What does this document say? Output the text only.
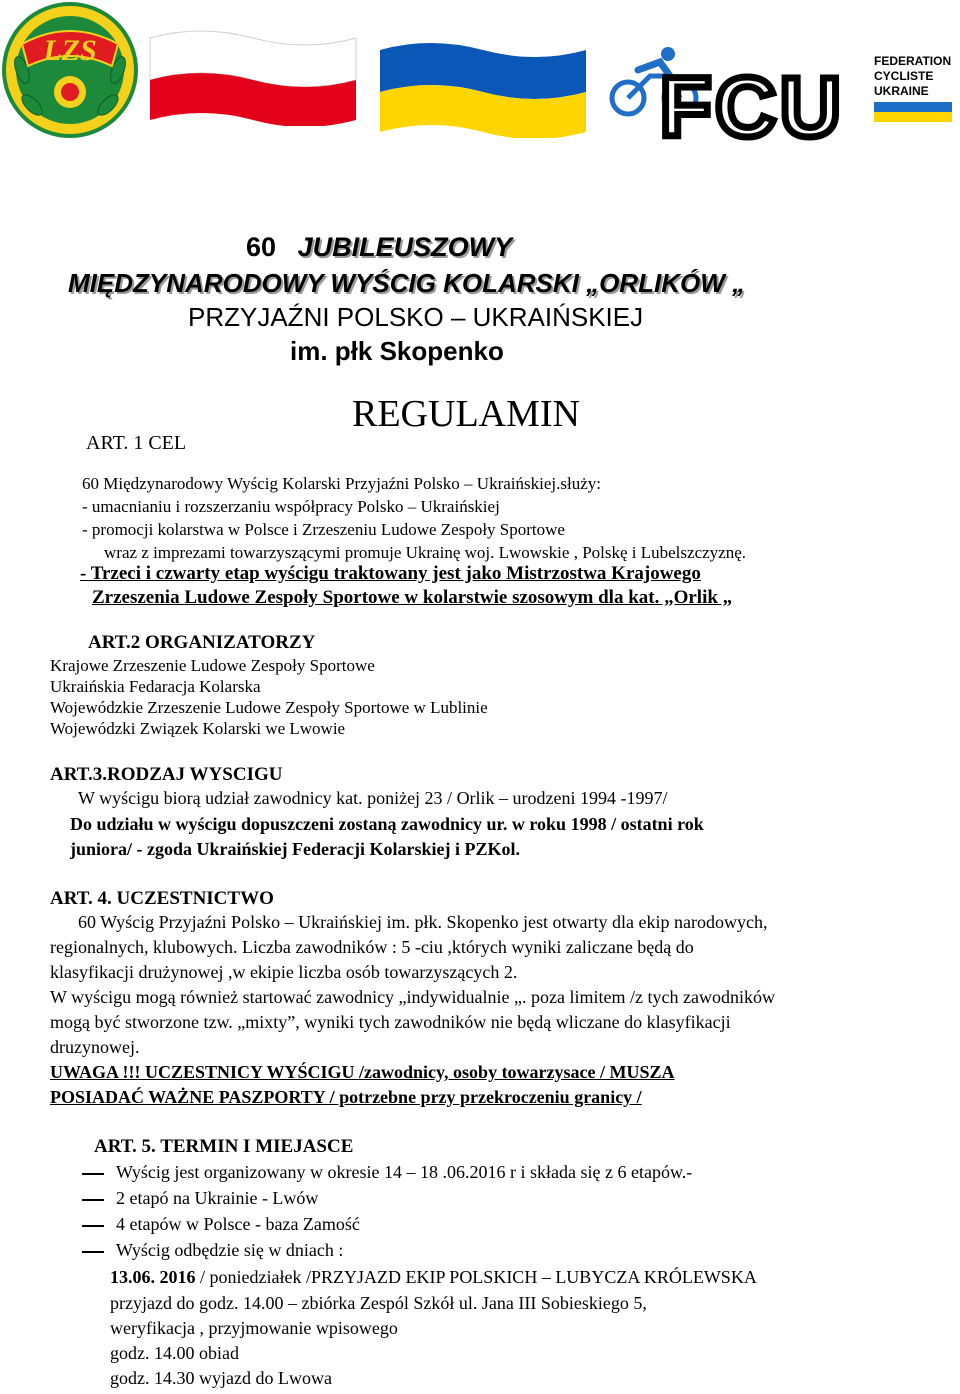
LZS
FCU FEDERATION
CYCLISTE
UKRAINE
60 JUBILEUSZOWY
MIĘDZYNARODOWY WYŚCIG KOLARSKI „ORLIKÓW „
PRZYJAŹNI POLSKO – UKRAIŃSKIEJ
im. płk Skopenko
REGULAMIN
ART. 1 CEL
60 Międzynarodowy Wyścig Kolarski Przyjaźni Polsko – Ukraińskiej.służy:
- umacnianiu i rozszerzaniu współpracy Polsko – Ukraińskiej
- promocji kolarstwa w Polsce i Zrzeszeniu Ludowe Zespoły Sportowe
wraz z imprezami towarzyszącymi promuje Ukrainę woj. Lwowskie , Polskę i Lubelszczyznę.
- Trzeci i czwarty etap wyścigu traktowany jest jako Mistrzostwa Krajowego
Zrzeszenia Ludowe Zespoły Sportowe w kolarstwie szosowym dla kat. „Orlik „
ART.2 ORGANIZATORZY
Krajowe Zrzeszenie Ludowe Zespoły Sportowe
Ukraińskia Fedaracja Kolarska
Wojewódzkie Zrzeszenie Ludowe Zespoły Sportowe w Lublinie
Wojewódzki Związek Kolarski we Lwowie
ART.3.RODZAJ WYSCIGU
W wyścigu biorą udział zawodnicy kat. poniżej 23 / Orlik – urodzeni 1994 -1997/
Do udziału w wyścigu dopuszczeni zostaną zawodnicy ur. w roku 1998 / ostatni rok
juniora/ - zgoda Ukraińskiej Federacji Kolarskiej i PZKol.
ART. 4. UCZESTNICTWO
60 Wyścig Przyjaźni Polsko – Ukraińskiej im. płk. Skopenko jest otwarty dla ekip narodowych,
regionalnych, klubowych. Liczba zawodników : 5 -ciu ,których wyniki zaliczane będą do
klasyfikacji drużynowej ,w ekipie liczba osób towarzyszących 2.
W wyścigu mogą również startować zawodnicy „indywidualnie „. poza limitem /z tych zawodników
mogą być stworzone tzw. „mixty”, wyniki tych zawodników nie będą wliczane do klasyfikacji
druzynowej.
UWAGA !!! UCZESTNICY WYŚCIGU /zawodnicy, osoby towarzysace / MUSZA
POSIADAĆ WAŻNE PASZPORTY / potrzebne przy przekroczeniu granicy /
ART. 5. TERMIN I MIEJASCE
Wyścig jest organizowany w okresie 14 – 18 .06.2016 r i składa się z 6 etapów.-
2 etapó na Ukrainie - Lwów
4 etapów w Polsce - baza Zamość
Wyścig odbędzie się w dniach :
13.06. 2016 / poniedziałek /PRZYJAZD EKIP POLSKICH – LUBYCZA KRÓLEWSKA
przyjazd do godz. 14.00 – zbiórka Zespól Szkół ul. Jana III Sobieskiego 5,
weryfikacja , przyjmowanie wpisowego
godz. 14.00 obiad
godz. 14.30 wyjazd do Lwowa
